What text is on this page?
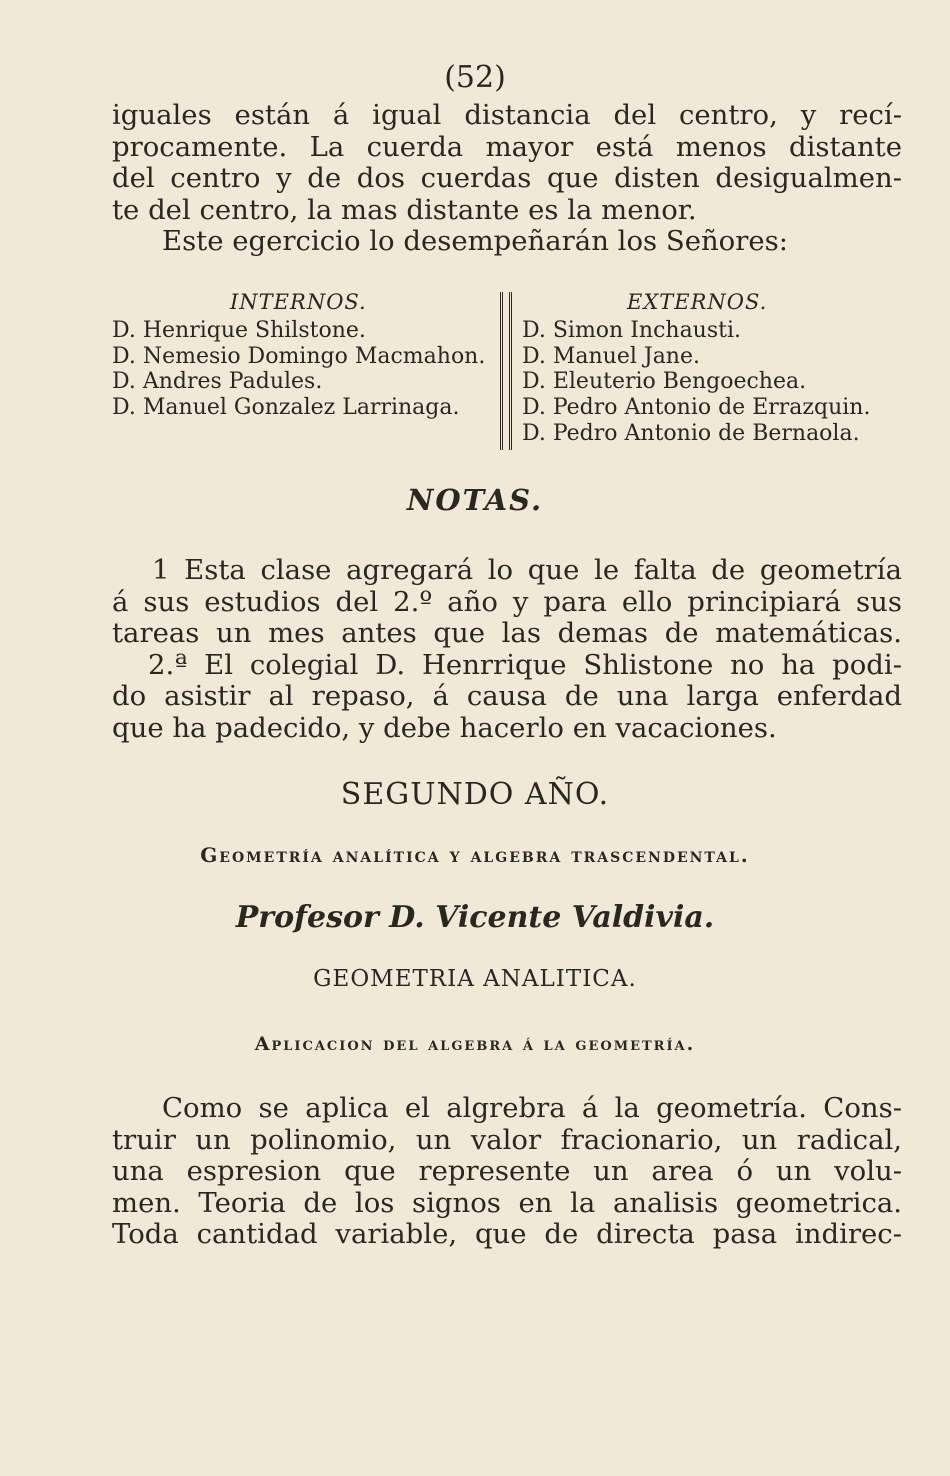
(52)
iguales están á igual distancia del centro, y recí-
procamente. La cuerda mayor está menos distante
del centro y de dos cuerdas que disten desigualmen-
te del centro, la mas distante es la menor.
Este egercicio lo desempeñarán los Señores:
INTERNOS.
D. Henrique Shilstone.
D. Nemesio Domingo Macmahon.
D. Andres Padules.
D. Manuel Gonzalez Larrinaga.
EXTERNOS.
D. Simon Inchausti.
D. Manuel Jane.
D. Eleuterio Bengoechea.
D. Pedro Antonio de Errazquin.
D. Pedro Antonio de Bernaola.
NOTAS.
1 Esta clase agregará lo que le falta de geometría
á sus estudios del 2.º año y para ello principiará sus
tareas un mes antes que las demas de matemáticas.
2.ª El colegial D. Henrrique Shlistone no ha podi-
do asistir al repaso, á causa de una larga enferdad
que ha padecido, y debe hacerlo en vacaciones.
SEGUNDO AÑO.
Geometría analítica y algebra trascendental.
Profesor D. Vicente Valdivia.
GEOMETRIA ANALITICA.
Aplicacion del algebra á la geometría.
Como se aplica el algrebra á la geometría. Cons-
truir un polinomio, un valor fracionario, un radical,
una espresion que represente un area ó un volu-
men. Teoria de los signos en la analisis geometrica.
Toda cantidad variable, que de directa pasa indirec-
